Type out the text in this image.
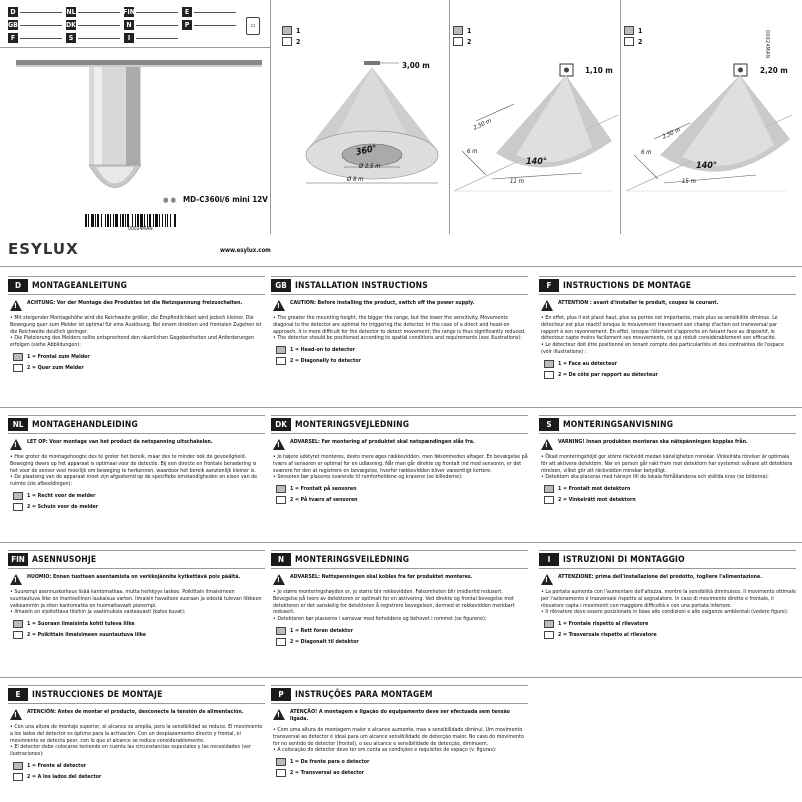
D	NL	FIN	E
GB	DK	N	P
F	S	I
▭
1
2
1
2
1
2	00024MAN
● ● MD-C360i/6 mini 12V
00024MAN
ESYLUX	www.esylux.com
3,00 m
360°
Ø 2,5 m
Ø 8 m
1,10 m
2,50 m
6 m
140°
11 m
2,20 m
2,50 m
6 m
140°
15 m
D	MONTAGEANLEITUNG
!
ACHTUNG: Vor der Montage des Produktes ist die Netzspannung freizuschalten.

• Mit steigender Montagehöhe wird die Reichweite größer, die Empfindlichkeit wird jedoch kleiner. Die Bewegung quer zum Melder ist optimal für eine Auslösung. Bei einem direkten und frontalen Zugehen ist die Reichweite deutlich geringer.

• Die Platzierung des Melders sollte entsprechend den räumlichen Gegebenheiten und Anforderungen erfolgen (siehe Abbildungen):

1 = Frontal zum Melder
2 = Quer zum Melder
GB INSTALLATION INSTRUCTIONS
!
CAUTION: Before installing the product, switch off the power supply.

• The greater the mounting height, the bigger the range, but the lower the sensitivity. Movements diagonal to the detector are optimal for triggering the detector. In the case of a direct and head-on approach, it is more difficult for the detector to detect movement; the range is thus significantly reduced.

• The detector should be positioned according to spatial conditions and requirements (see illustrations):

1 = Head-on to detector
2 = Diagonally to detector
F	INSTRUCTIONS DE MONTAGE
!
ATTENTION : avant d'installer le produit, coupez le courant.

• En effet, plus il est placé haut, plus sa portée est importante, mais plus sa sensibilité diminue. Le détecteur est plus réactif lorsque le mouvement traversant son champ d'action est transversal par rapport à son rayonnement. En effet, lorsque l'élément s'approche en faisant face au dispositif, le détecteur capte moins facilement ses mouvements, ce qui réduit considérablement son efficacité.

• Le détecteur doit être positionné en tenant compte des particularités et des contraintes de l'espace (voir illustrations) :

1 = Face au détecteur
2 = De côté par rapport au détecteur
NL	MONTAGEHANDLEIDING
!
LET OP: Voor montage van het product de netspanning uitschakelen.

• Hoe groter de montagehoogte des te groter het bereik, maar des te minder ook de gevoeligheid. Beweging dwars op het apparaat is optimaal voor de detectie. Bij een directe en frontale benadering is het voor de sensor veel moeilijk om beweging te herkennen, waardoor het bereik aanzienlijk kleiner is.

• De plaatsing van de apparaat moet zijn afgestemd op de specifieke omstandigheden en eisen van de ruimte (zie afbeeldingen):

1 = Recht voor de melder
2 = Schuin voor de melder
DK MONTERINGSVEJLEDNING
!
ADVARSEL: Før montering af produktet skal netspændingen slås fra.

• Jo højere udstyret monteres, desto mere øges rækkevidden, men følsomheden aftager. En bevægelse på tværs af sensoren er optimal for en udløsning. Når man går direkte og frontalt ind mod sensoren, er det sværere for den at registrere en bevægelse, hvorfor rækkevidden bliver væsentligt kortere.

• Sensoren bør placeres svarende til rumforholdene og kravene (se billederne):

1 = Frontalt på sensoren
2 = På tværs af sensoren
S	MONTERINGSANVISNING
!
VARNING! Innan produkten monteras ska nätspänningen kopplas från.

• Ökad monteringshöjd ger större räckvidd medan känsligheten minskar. Vinkelräta rörelser är optimala för att aktivera detektorn. När en person går rakt fram mot detektorn har systemet svårare att detektera rörelsen, vilket gör att räckvidden minskar betydligt.

• Detektorn ska placeras med hänsyn till de lokala förhållandena och ställda krav (se bilderna):

1 = Frontalt mot detektorn
2 = Vinkelrätt mot detektorn
FIN ASENNUSOHJE
!
HUOMIO: Ennen tuotteen asentamista on verkkojännite kytkettävä pois päältä.

• Suurempi asennuskorkeus lisää kantomatkaa, mutta herkkyys laskee. Poikittain ilmaisimeen suuntautuva liike on ihanteellinen laukaisua varten. Ilmaisin havaitsee suoraan ja edestä tulevan liikkeen vaikeammin ja siten kantomatka on huomattavasti pienempi.

• Ilmaisin on sijoitettava tiloihin ja vaatimuksia vastaavasti (katso kuvat):

1 = Suoraan ilmaisinta kohti tuleva liike
2 = Poikittain ilmaisimeen suuntautuva liike
N	MONTERINGSVEILEDNING
!
ADVARSEL: Nettspenningen skal kobles fra før produktet monteres.

• Jo større monteringshøyden er, jo større blir rekkevidden. Følsomheten blir imidlertid redusert. Bevegelse på tvers av detektoren er optimalt for en aktivering. Ved direkte og frontal bevegelse mot detektoren er det vanskelig for detektoren å registrere bevegelsen, dermed er rekkevidden merkbart redusert.

• Detektoren bør plasseres i samsvar med forholdene og behovet i rommet (se figurene):

1 = Rett foran detektor
2 = Diagonalt til detektor
I	ISTRUZIONI DI MONTAGGIO
!
ATTENZIONE: prima dell'installazione del prodotto, togliere l'alimentazione.

• La portata aumenta con l'aumentare dell'altezza, mentre la sensibilità diminuisce. Il movimento ottimale per l'azionamento è trasversale rispetto al segnalatore. In caso di movimento diretto e frontale, il rilevatore capta i movimenti con maggiore difficoltà e con una portata inferiore.

• Il rilevatore deve essere posizionato in base alle condizioni e alle esigenze ambientali (vedere figure):

1 = Frontale rispetto al rilevatore
2 = Trasversale rispetto al rilevatore
E	INSTRUCCIONES DE MONTAJE
!
ATENCIÓN: Antes de montar el producto, desconecte la tensión de alimentación.

• Con una altura de montaje superior, el alcance se amplía, pero la sensibilidad se reduce. El movimiento a los lados del detector es óptimo para la activación. Con un desplazamiento directo y frontal, el movimiento se detecta peor, con lo que el alcance se reduce considerablemente.

• El detector debe colocarse teniendo en cuenta las circunstancias especiales y las necesidades (ver ilustraciones):

1 = Frente al detector
2 = A los lados del detector
P	INSTRUÇÕES PARA MONTAGEM
!
ATENÇÃO! A montagem e ligação do equipamento deve ser efectuada sem tensão ligada.

• Com uma altura de montagem maior o alcance aumenta, mas a sensibilidade diminui. Um movimento transversal ao detector é ideal para um alcance sensibilidade de detecção maior. No caso do movimento for no sentido do detector (frontal), o seu alcance e sensibilidade de detecção, diminuem.

• A colocação do detector deve ter em conta as condições e requisitos de espaço (v. figuras):

1 = De frente para o detector
2 = Transversal ao detector
